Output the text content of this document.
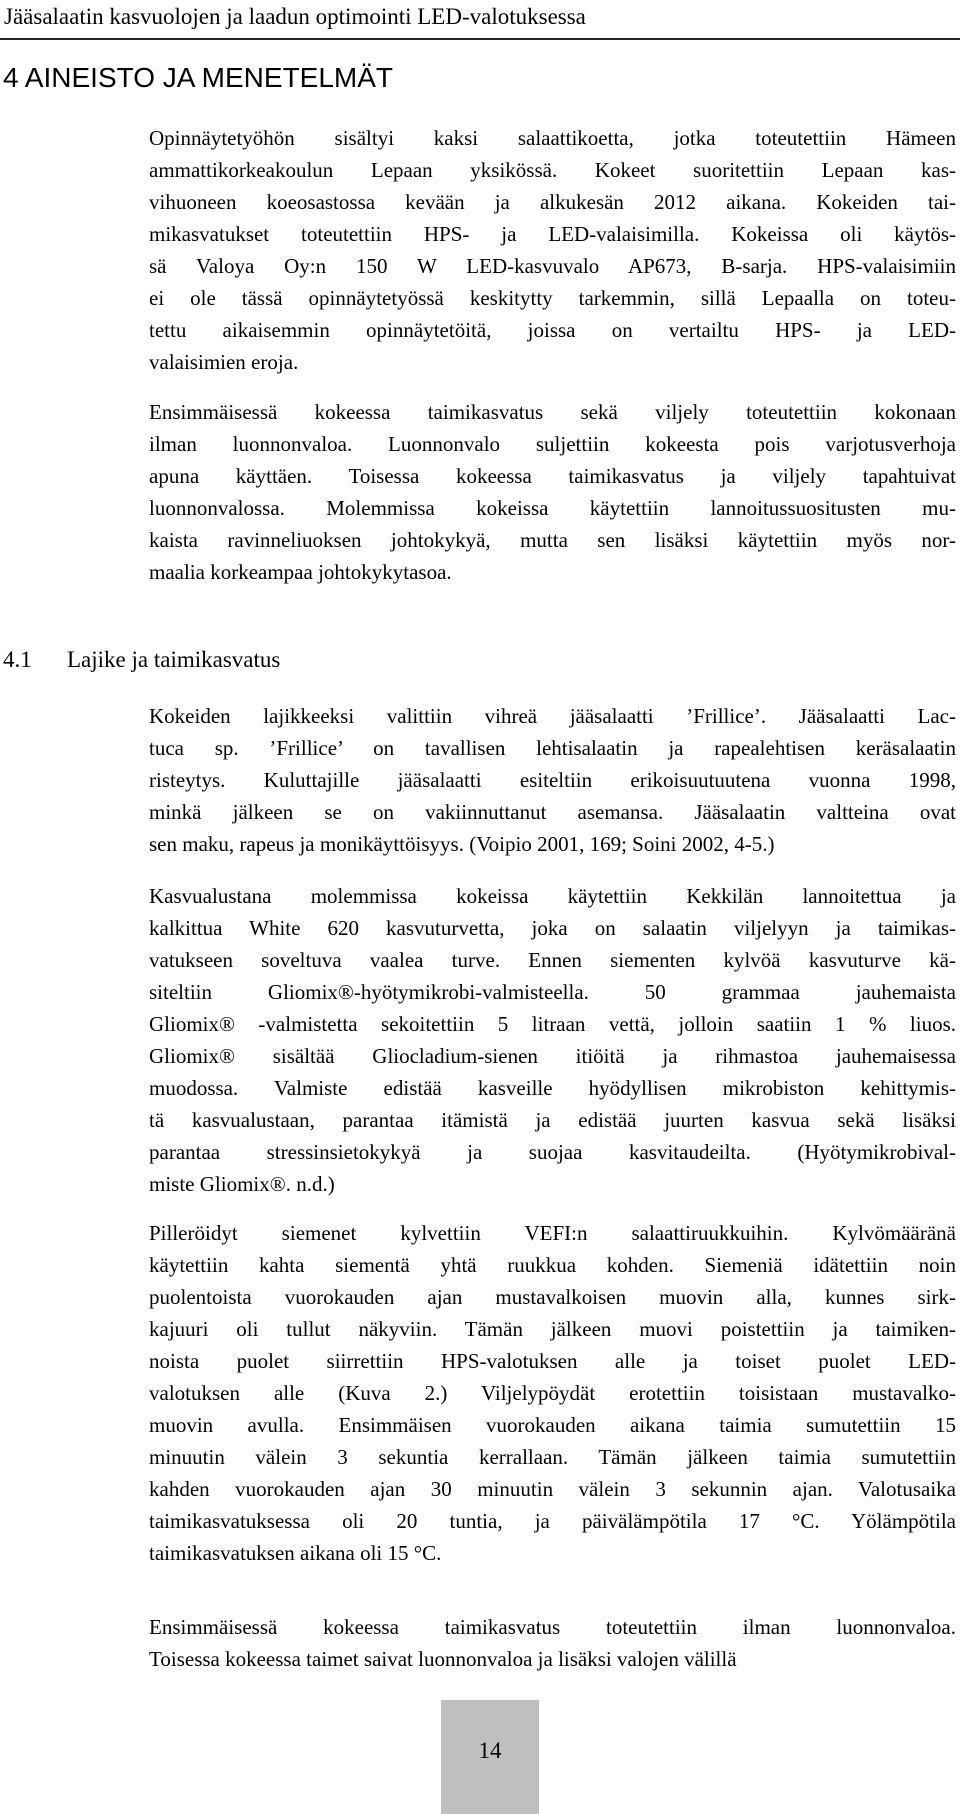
Jääsalaatin kasvuolojen ja laadun optimointi LED-valotuksessa
4 AINEISTO JA MENETELMÄT
Opinnäytetyöhön sisältyi kaksi salaattikoetta, jotka toteutettiin Hämeen
ammattikorkeakoulun Lepaan yksikössä. Kokeet suoritettiin Lepaan kas-
vihuoneen koeosastossa kevään ja alkukesän 2012 aikana. Kokeiden tai-
mikasvatukset toteutettiin HPS- ja LED-valaisimilla. Kokeissa oli käytös-
sä Valoya Oy:n 150 W LED-kasvuvalo AP673, B-sarja. HPS-valaisimiin
ei ole tässä opinnäytetyössä keskitytty tarkemmin, sillä Lepaalla on toteu-
tettu aikaisemmin opinnäytetöitä, joissa on vertailtu HPS- ja LED-
valaisimien eroja.
Ensimmäisessä kokeessa taimikasvatus sekä viljely toteutettiin kokonaan
ilman luonnonvaloa. Luonnonvalo suljettiin kokeesta pois varjotusverhoja
apuna käyttäen. Toisessa kokeessa taimikasvatus ja viljely tapahtuivat
luonnonvalossa. Molemmissa kokeissa käytettiin lannoitussuositusten mu-
kaista ravinneliuoksen johtokykyä, mutta sen lisäksi käytettiin myös nor-
maalia korkeampaa johtokykytasoa.
4.1 Lajike ja taimikasvatus
Kokeiden lajikkeeksi valittiin vihreä jääsalaatti ’Frillice’. Jääsalaatti Lac-
tuca sp. ’Frillice’ on tavallisen lehtisalaatin ja rapealehtisen keräsalaatin
risteytys. Kuluttajille jääsalaatti esiteltiin erikoisuutuutena vuonna 1998,
minkä jälkeen se on vakiinnuttanut asemansa. Jääsalaatin valtteina ovat
sen maku, rapeus ja monikäyttöisyys. (Voipio 2001, 169; Soini 2002, 4-5.)
Kasvualustana molemmissa kokeissa käytettiin Kekkilän lannoitettua ja
kalkittua White 620 kasvuturvetta, joka on salaatin viljelyyn ja taimikas-
vatukseen soveltuva vaalea turve. Ennen siementen kylvöä kasvuturve kä-
siteltiin Gliomix®-hyötymikrobi-valmisteella. 50 grammaa jauhemaista
Gliomix® -valmistetta sekoitettiin 5 litraan vettä, jolloin saatiin 1 % liuos.
Gliomix® sisältää Gliocladium-sienen itiöitä ja rihmastoa jauhemaisessa
muodossa. Valmiste edistää kasveille hyödyllisen mikrobiston kehittymis-
tä kasvualustaan, parantaa itämistä ja edistää juurten kasvua sekä lisäksi
parantaa stressinsietokykyä ja suojaa kasvitaudeilta. (Hyötymikrobival-
miste Gliomix®. n.d.)
Pilleröidyt siemenet kylvettiin VEFI:n salaattiruukkuihin. Kylvömääränä
käytettiin kahta siementä yhtä ruukkua kohden. Siemeniä idätettiin noin
puolentoista vuorokauden ajan mustavalkoisen muovin alla, kunnes sirk-
kajuuri oli tullut näkyviin. Tämän jälkeen muovi poistettiin ja taimiken-
noista puolet siirrettiin HPS-valotuksen alle ja toiset puolet LED-
valotuksen alle (Kuva 2.) Viljelypöydät erotettiin toisistaan mustavalko-
muovin avulla. Ensimmäisen vuorokauden aikana taimia sumutettiin 15
minuutin välein 3 sekuntia kerrallaan. Tämän jälkeen taimia sumutettiin
kahden vuorokauden ajan 30 minuutin välein 3 sekunnin ajan. Valotusaika
taimikasvatuksessa oli 20 tuntia, ja päivälämpötila 17 °C. Yölämpötila
taimikasvatuksen aikana oli 15 °C.
Ensimmäisessä kokeessa taimikasvatus toteutettiin ilman luonnonvaloa.
Toisessa kokeessa taimet saivat luonnonvaloa ja lisäksi valojen välillä
14
